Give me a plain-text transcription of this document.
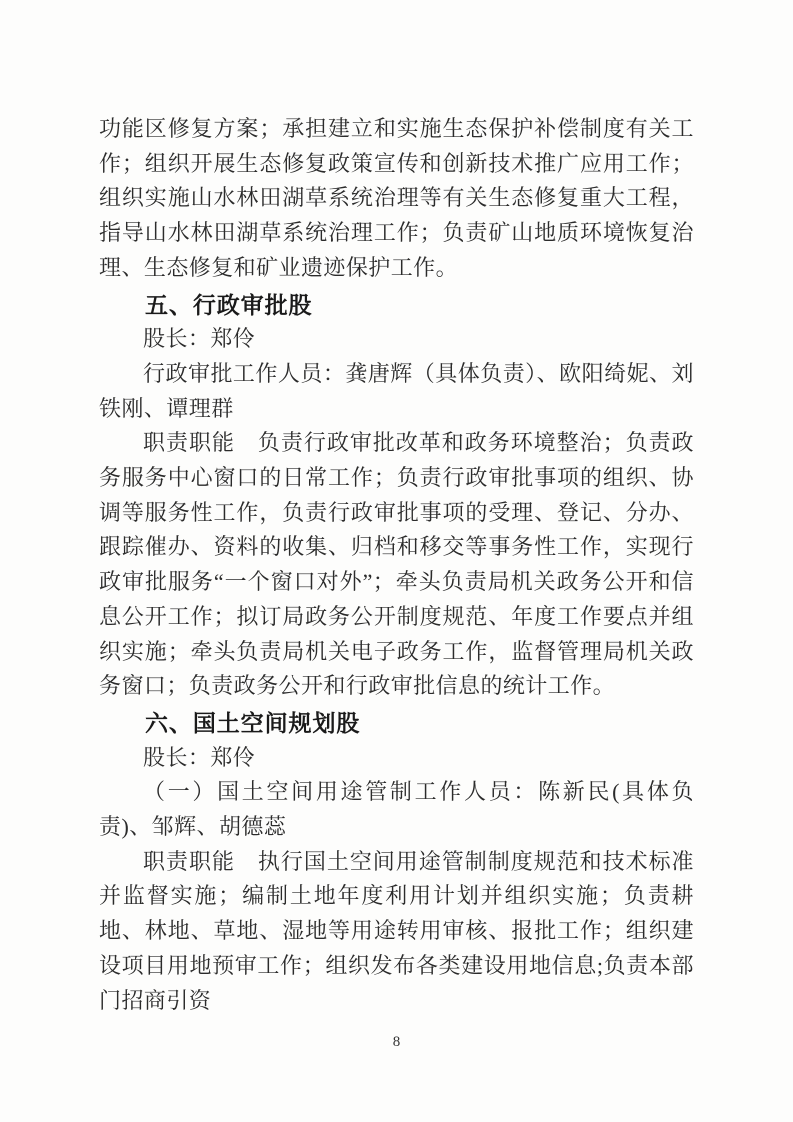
功能区修复方案；承担建立和实施生态保护补偿制度有关工作；组织开展生态修复政策宣传和创新技术推广应用工作；组织实施山水林田湖草系统治理等有关生态修复重大工程，指导山水林田湖草系统治理工作；负责矿山地质环境恢复治理、生态修复和矿业遗迹保护工作。

五、行政审批股

股长：郑伶

行政审批工作人员：龚唐辉（具体负责）、欧阳绮妮、刘铁刚、谭理群

职责职能　负责行政审批改革和政务环境整治；负责政务服务中心窗口的日常工作；负责行政审批事项的组织、协调等服务性工作，负责行政审批事项的受理、登记、分办、跟踪催办、资料的收集、归档和移交等事务性工作，实现行政审批服务“一个窗口对外”；牵头负责局机关政务公开和信息公开工作；拟订局政务公开制度规范、年度工作要点并组织实施；牵头负责局机关电子政务工作，监督管理局机关政务窗口；负责政务公开和行政审批信息的统计工作。

六、国土空间规划股

股长：郑伶

（一）国土空间用途管制工作人员：陈新民(具体负责)、邹辉、胡德蕊

职责职能　执行国土空间用途管制制度规范和技术标准并监督实施；编制土地年度利用计划并组织实施；负责耕地、林地、草地、湿地等用途转用审核、报批工作；组织建设项目用地预审工作；组织发布各类建设用地信息;负责本部门招商引资

8
